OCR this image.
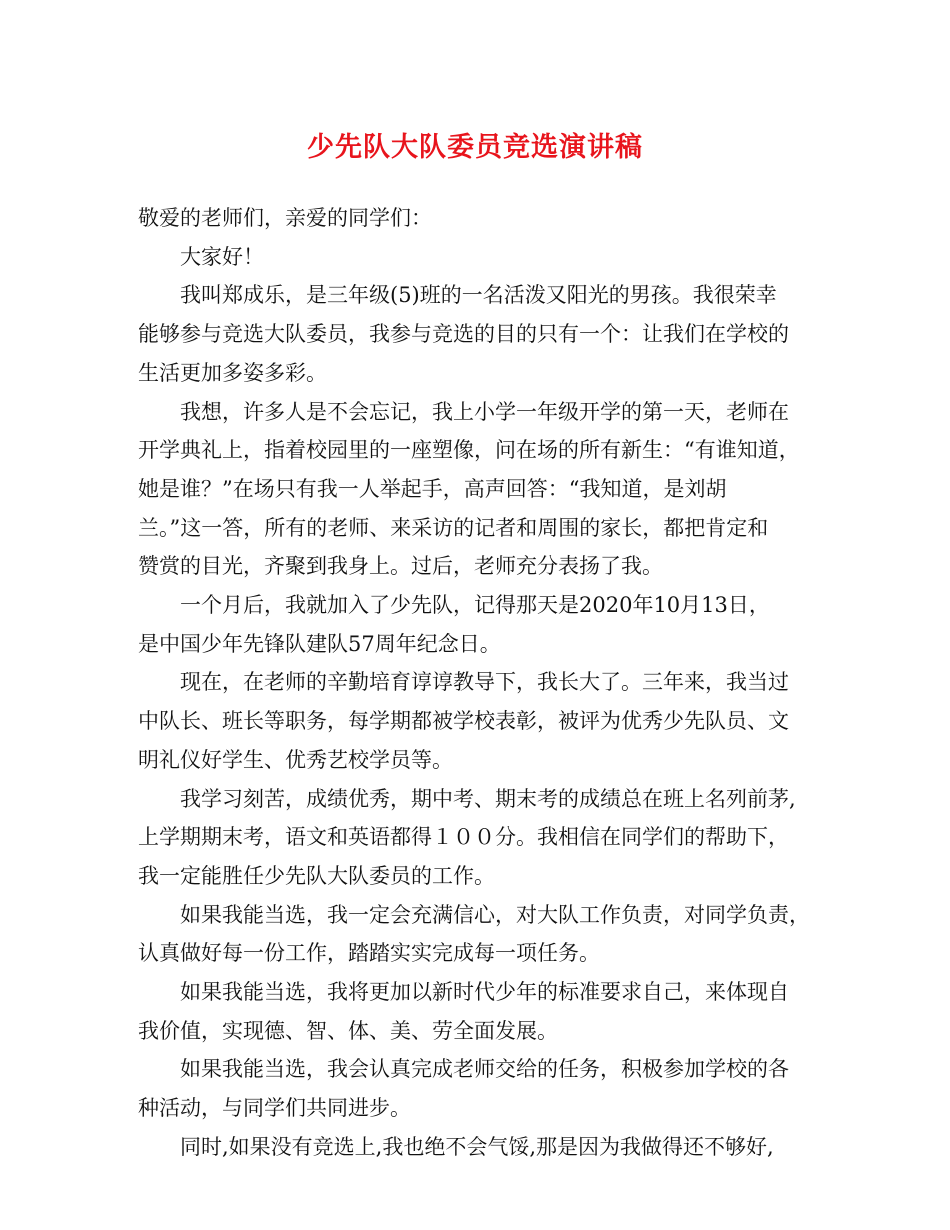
少先队大队委员竞选演讲稿

敬爱的老师们，亲爱的同学们：

大家好！

我叫郑成乐，是三年级(5)班的一名活泼又阳光的男孩。我很荣幸
能够参与竞选大队委员，我参与竞选的目的只有一个：让我们在学校的
生活更加多姿多彩。

我想，许多人是不会忘记，我上小学一年级开学的第一天，老师在
开学典礼上，指着校园里的一座塑像，问在场的所有新生：“有谁知道，
她是谁？”在场只有我一人举起手，高声回答：“我知道，是刘胡
兰。”这一答，所有的老师、来采访的记者和周围的家长，都把肯定和
赞赏的目光，齐聚到我身上。过后，老师充分表扬了我。

一个月后，我就加入了少先队，记得那天是2020年10月13日，
是中国少年先锋队建队57周年纪念日。

现在，在老师的辛勤培育谆谆教导下，我长大了。三年来，我当过
中队长、班长等职务，每学期都被学校表彰，被评为优秀少先队员、文
明礼仪好学生、优秀艺校学员等。

我学习刻苦，成绩优秀，期中考、期末考的成绩总在班上名列前茅,
上学期期末考，语文和英语都得１００分。我相信在同学们的帮助下，
我一定能胜任少先队大队委员的工作。

如果我能当选，我一定会充满信心，对大队工作负责，对同学负责，
认真做好每一份工作，踏踏实实完成每一项任务。

如果我能当选，我将更加以新时代少年的标准要求自己，来体现自
我价值，实现德、智、体、美、劳全面发展。

如果我能当选，我会认真完成老师交给的任务，积极参加学校的各
种活动，与同学们共同进步。

同时,如果没有竞选上,我也绝不会气馁,那是因为我做得还不够好,
